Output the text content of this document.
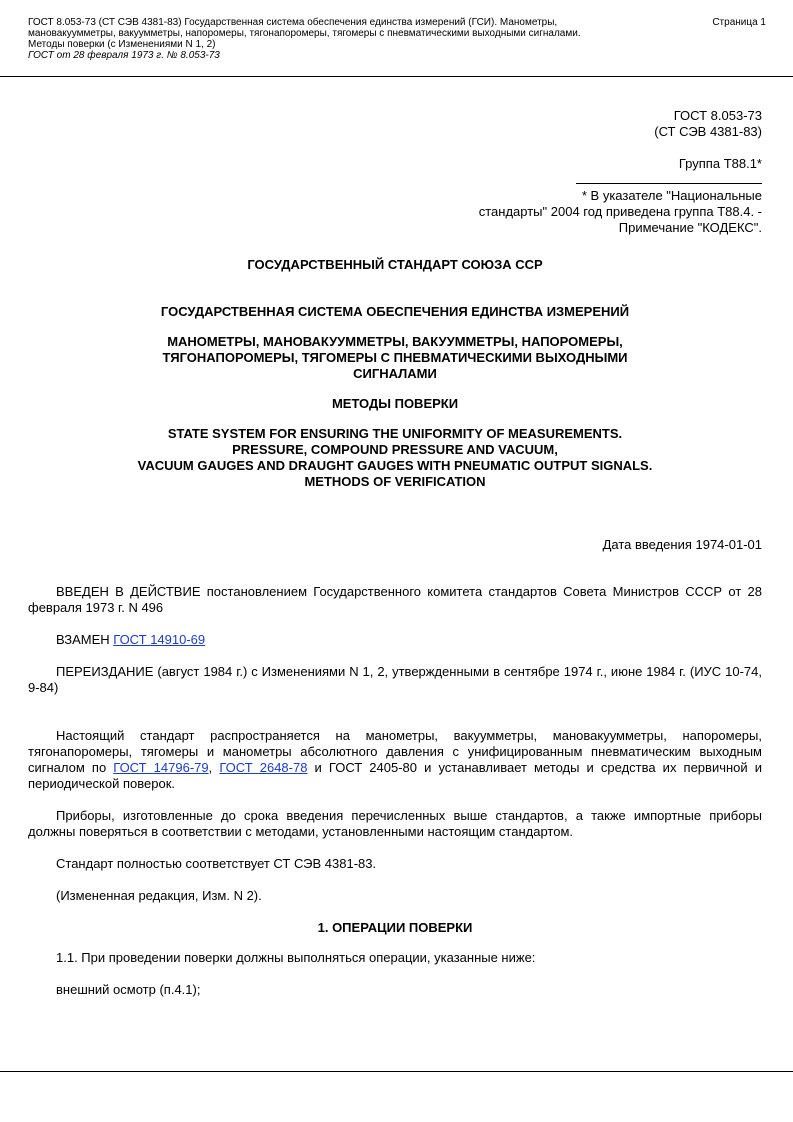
ГОСТ 8.053-73 (СТ СЭВ 4381-83) Государственная система обеспечения единства измерений (ГСИ). Манометры,
мановакуумметры, вакуумметры, напоромеры, тягонапоромеры, тягомеры с пневматическими выходными сигналами.
Методы поверки (с Изменениями N 1, 2)
ГОСТ от 28 февраля 1973 г. № 8.053-73
Страница 1
ГОСТ 8.053-73
(СТ СЭВ 4381-83)
Группа Т88.1*
* В указателе "Национальные
стандарты" 2004 год приведена группа Т88.4. -
Примечание "КОДЕКС".
ГОСУДАРСТВЕННЫЙ СТАНДАРТ СОЮЗА ССР
ГОСУДАРСТВЕННАЯ СИСТЕМА ОБЕСПЕЧЕНИЯ ЕДИНСТВА ИЗМЕРЕНИЙ
МАНОМЕТРЫ, МАНОВАКУУММЕТРЫ, ВАКУУММЕТРЫ, НАПОРОМЕРЫ,
ТЯГОНАПОРОМЕРЫ, ТЯГОМЕРЫ С ПНЕВМАТИЧЕСКИМИ ВЫХОДНЫМИ
СИГНАЛАМИ
МЕТОДЫ ПОВЕРКИ
STATE SYSTEM FOR ENSURING THE UNIFORMITY OF MEASUREMENTS.
PRESSURE, COMPOUND PRESSURE AND VACUUM,
VACUUM GAUGES AND DRAUGHT GAUGES WITH PNEUMATIC OUTPUT SIGNALS.
METHODS OF VERIFICATION
Дата введения 1974-01-01

ВВЕДЕН В ДЕЙСТВИЕ постановлением Государственного комитета стандартов Совета Министров СССР от 28 февраля 1973 г. N 496

ВЗАМЕН ГОСТ 14910-69

ПЕРЕИЗДАНИЕ (август 1984 г.) с Изменениями N 1, 2, утвержденными в сентябре 1974 г., июне 1984 г. (ИУС 10-74, 9-84)

Настоящий стандарт распространяется на манометры, вакуумметры, мановакуумметры, напоромеры, тягонапоромеры, тягомеры и манометры абсолютного давления с унифицированным пневматическим выходным сигналом по ГОСТ 14796-79, ГОСТ 2648-78 и ГОСТ 2405-80 и устанавливает методы и средства их первичной и периодической поверок.

Приборы, изготовленные до срока введения перечисленных выше стандартов, а также импортные приборы должны поверяться в соответствии с методами, установленными настоящим стандартом.

Стандарт полностью соответствует СТ СЭВ 4381-83.

(Измененная редакция, Изм. N 2).

1. ОПЕРАЦИИ ПОВЕРКИ

1.1. При проведении поверки должны выполняться операции, указанные ниже:

внешний осмотр (п.4.1);
